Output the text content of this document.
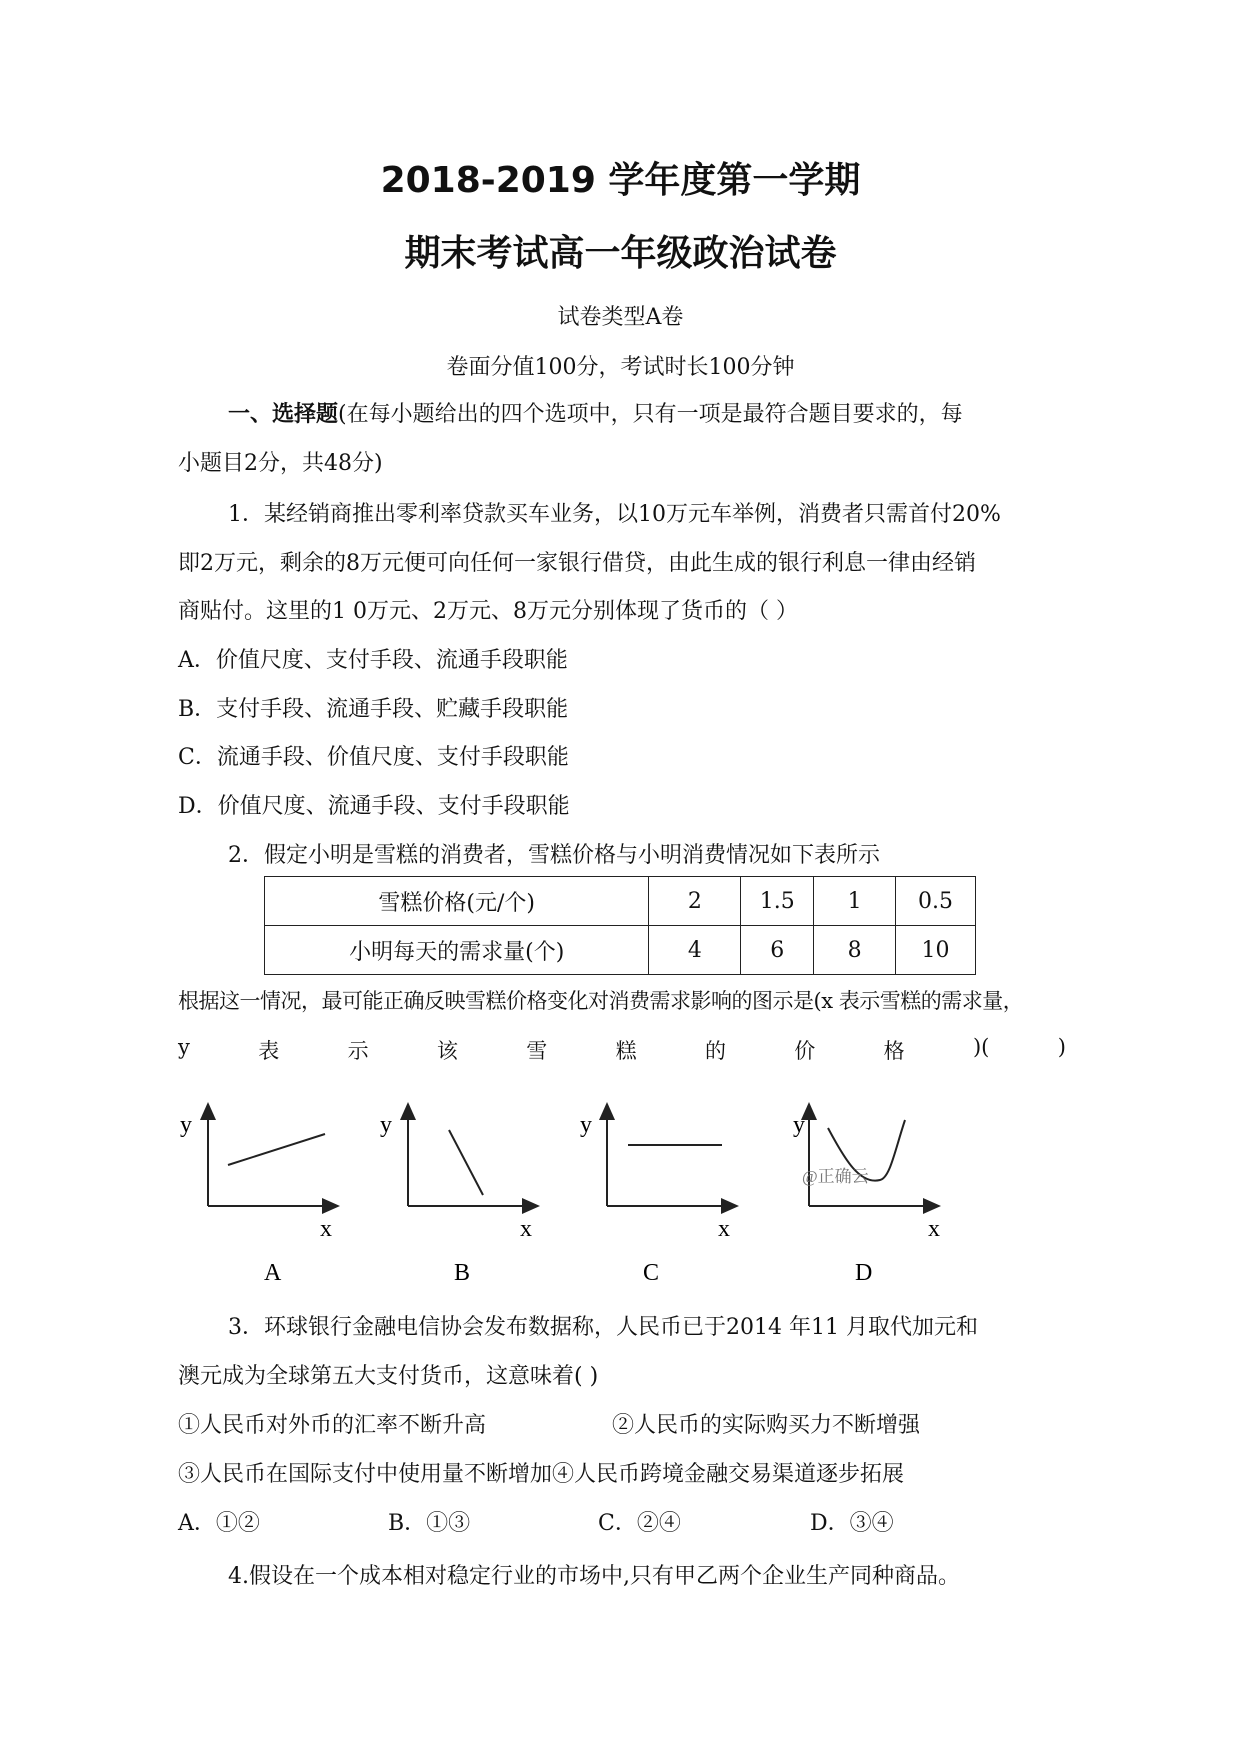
2018-2019 学年度第一学期
期末考试高一年级政治试卷
试卷类型A卷
卷面分值100分，考试时长100分钟
一、选择题(在每小题给出的四个选项中，只有一项是最符合题目要求的，每
小题目2分，共48分)
1．某经销商推出零利率贷款买车业务，以10万元车举例，消费者只需首付20%
即2万元，剩余的8万元便可向任何一家银行借贷，由此生成的银行利息一律由经销
商贴付。这里的1 0万元、2万元、8万元分别体现了货币的（ ）
A．价值尺度、支付手段、流通手段职能
B．支付手段、流通手段、贮藏手段职能
C．流通手段、价值尺度、支付手段职能
D．价值尺度、流通手段、支付手段职能
2．假定小明是雪糕的消费者，雪糕价格与小明消费情况如下表所示
雪糕价格(元/个)	2	1.5	1	0.5
小明每天的需求量(个)	4	6	8	10
根据这一情况，最可能正确反映雪糕价格变化对消费需求影响的图示是(x 表示雪糕的需求量，
y	表	示	该	雪	糕	的	价	格	)(	)
y
x
A
y
x
B
y
x
C
y
x
D
@正确云
3．环球银行金融电信协会发布数据称，人民币已于2014 年11 月取代加元和
澳元成为全球第五大支付货币，这意味着( )
①人民币对外币的汇率不断升高	②人民币的实际购买力不断增强
③人民币在国际支付中使用量不断增加④人民币跨境金融交易渠道逐步拓展
A．①②	B．①③	C．②④	D．③④
4.假设在一个成本相对稳定行业的市场中,只有甲乙两个企业生产同种商品。
